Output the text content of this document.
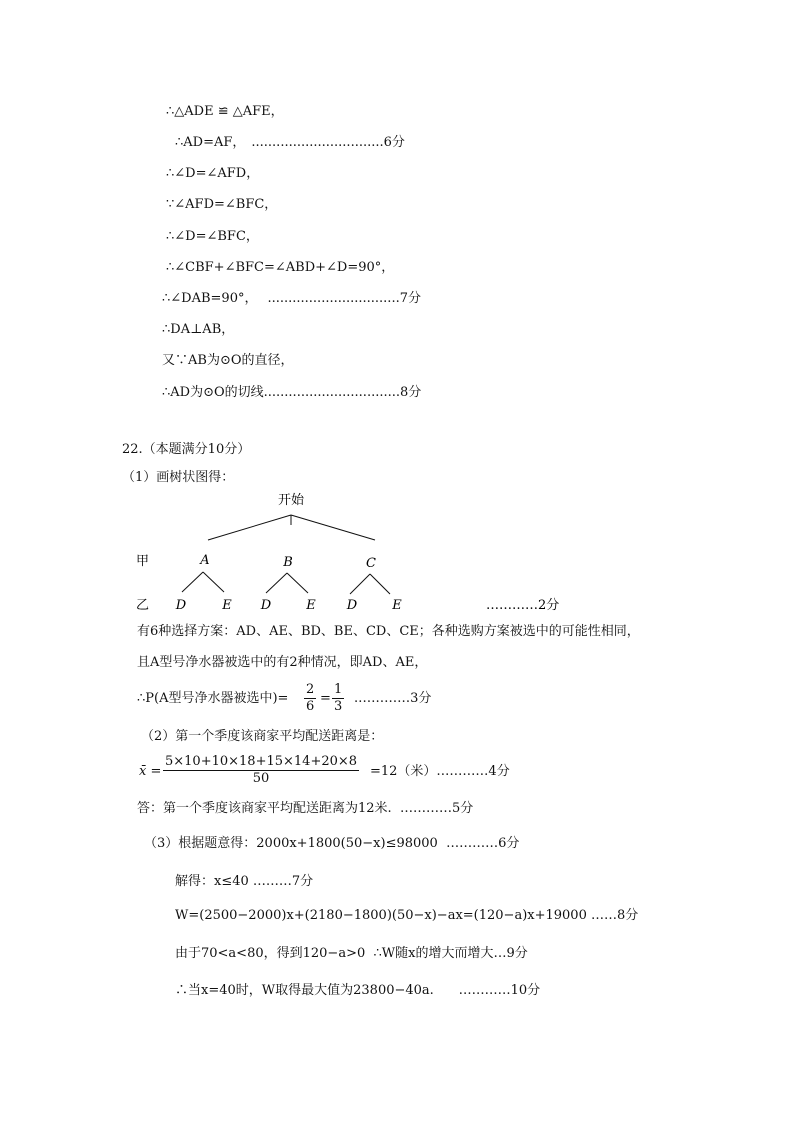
∴△ADE ≌ △AFE，
∴AD=AF， ................................6分
∴∠D=∠AFD，
∵∠AFD=∠BFC，
∴∠D=∠BFC，
∴∠CBF+∠BFC=∠ABD+∠D=90°，
∴∠DAB=90°， ................................7分
∴DA⊥AB，
又∵AB为⊙O的直径，
∴AD为⊙O的切线.................................8分
22.（本题满分10分）
（1）画树状图得：
开始
甲	A	B	C
乙 D	E D	E D	E	…………2分
有6种选择方案：AD、AE、BD、BE、CD、CE；各种选购方案被选中的可能性相同，
且A型号净水器被选中的有2种情况，即AD、AE，
∴P(A型号净水器被选中)= $\frac{2}{6} = \frac{1}{3}$ .…………3分
（2）第一个季度该商家平均配送距离是：
x̄ = $\frac{5\times 10+10\times 18+15\times 14+20\times 8}{50} =12$（米）…………4分
答：第一个季度该商家平均配送距离为12米.  …………5分
（3）根据题意得：2000x+1800(50−x)≤98000  …………6分
解得：x≤40 ………7分
W=(2500−2000)x+(2180−1800)(50−x)−ax=(120−a)x+19000 ……8分
由于70<a<80，得到120−a>0  ∴W随x的增大而增大…9分
∴当x=40时，W取得最大值为23800−40a.      …………10分
